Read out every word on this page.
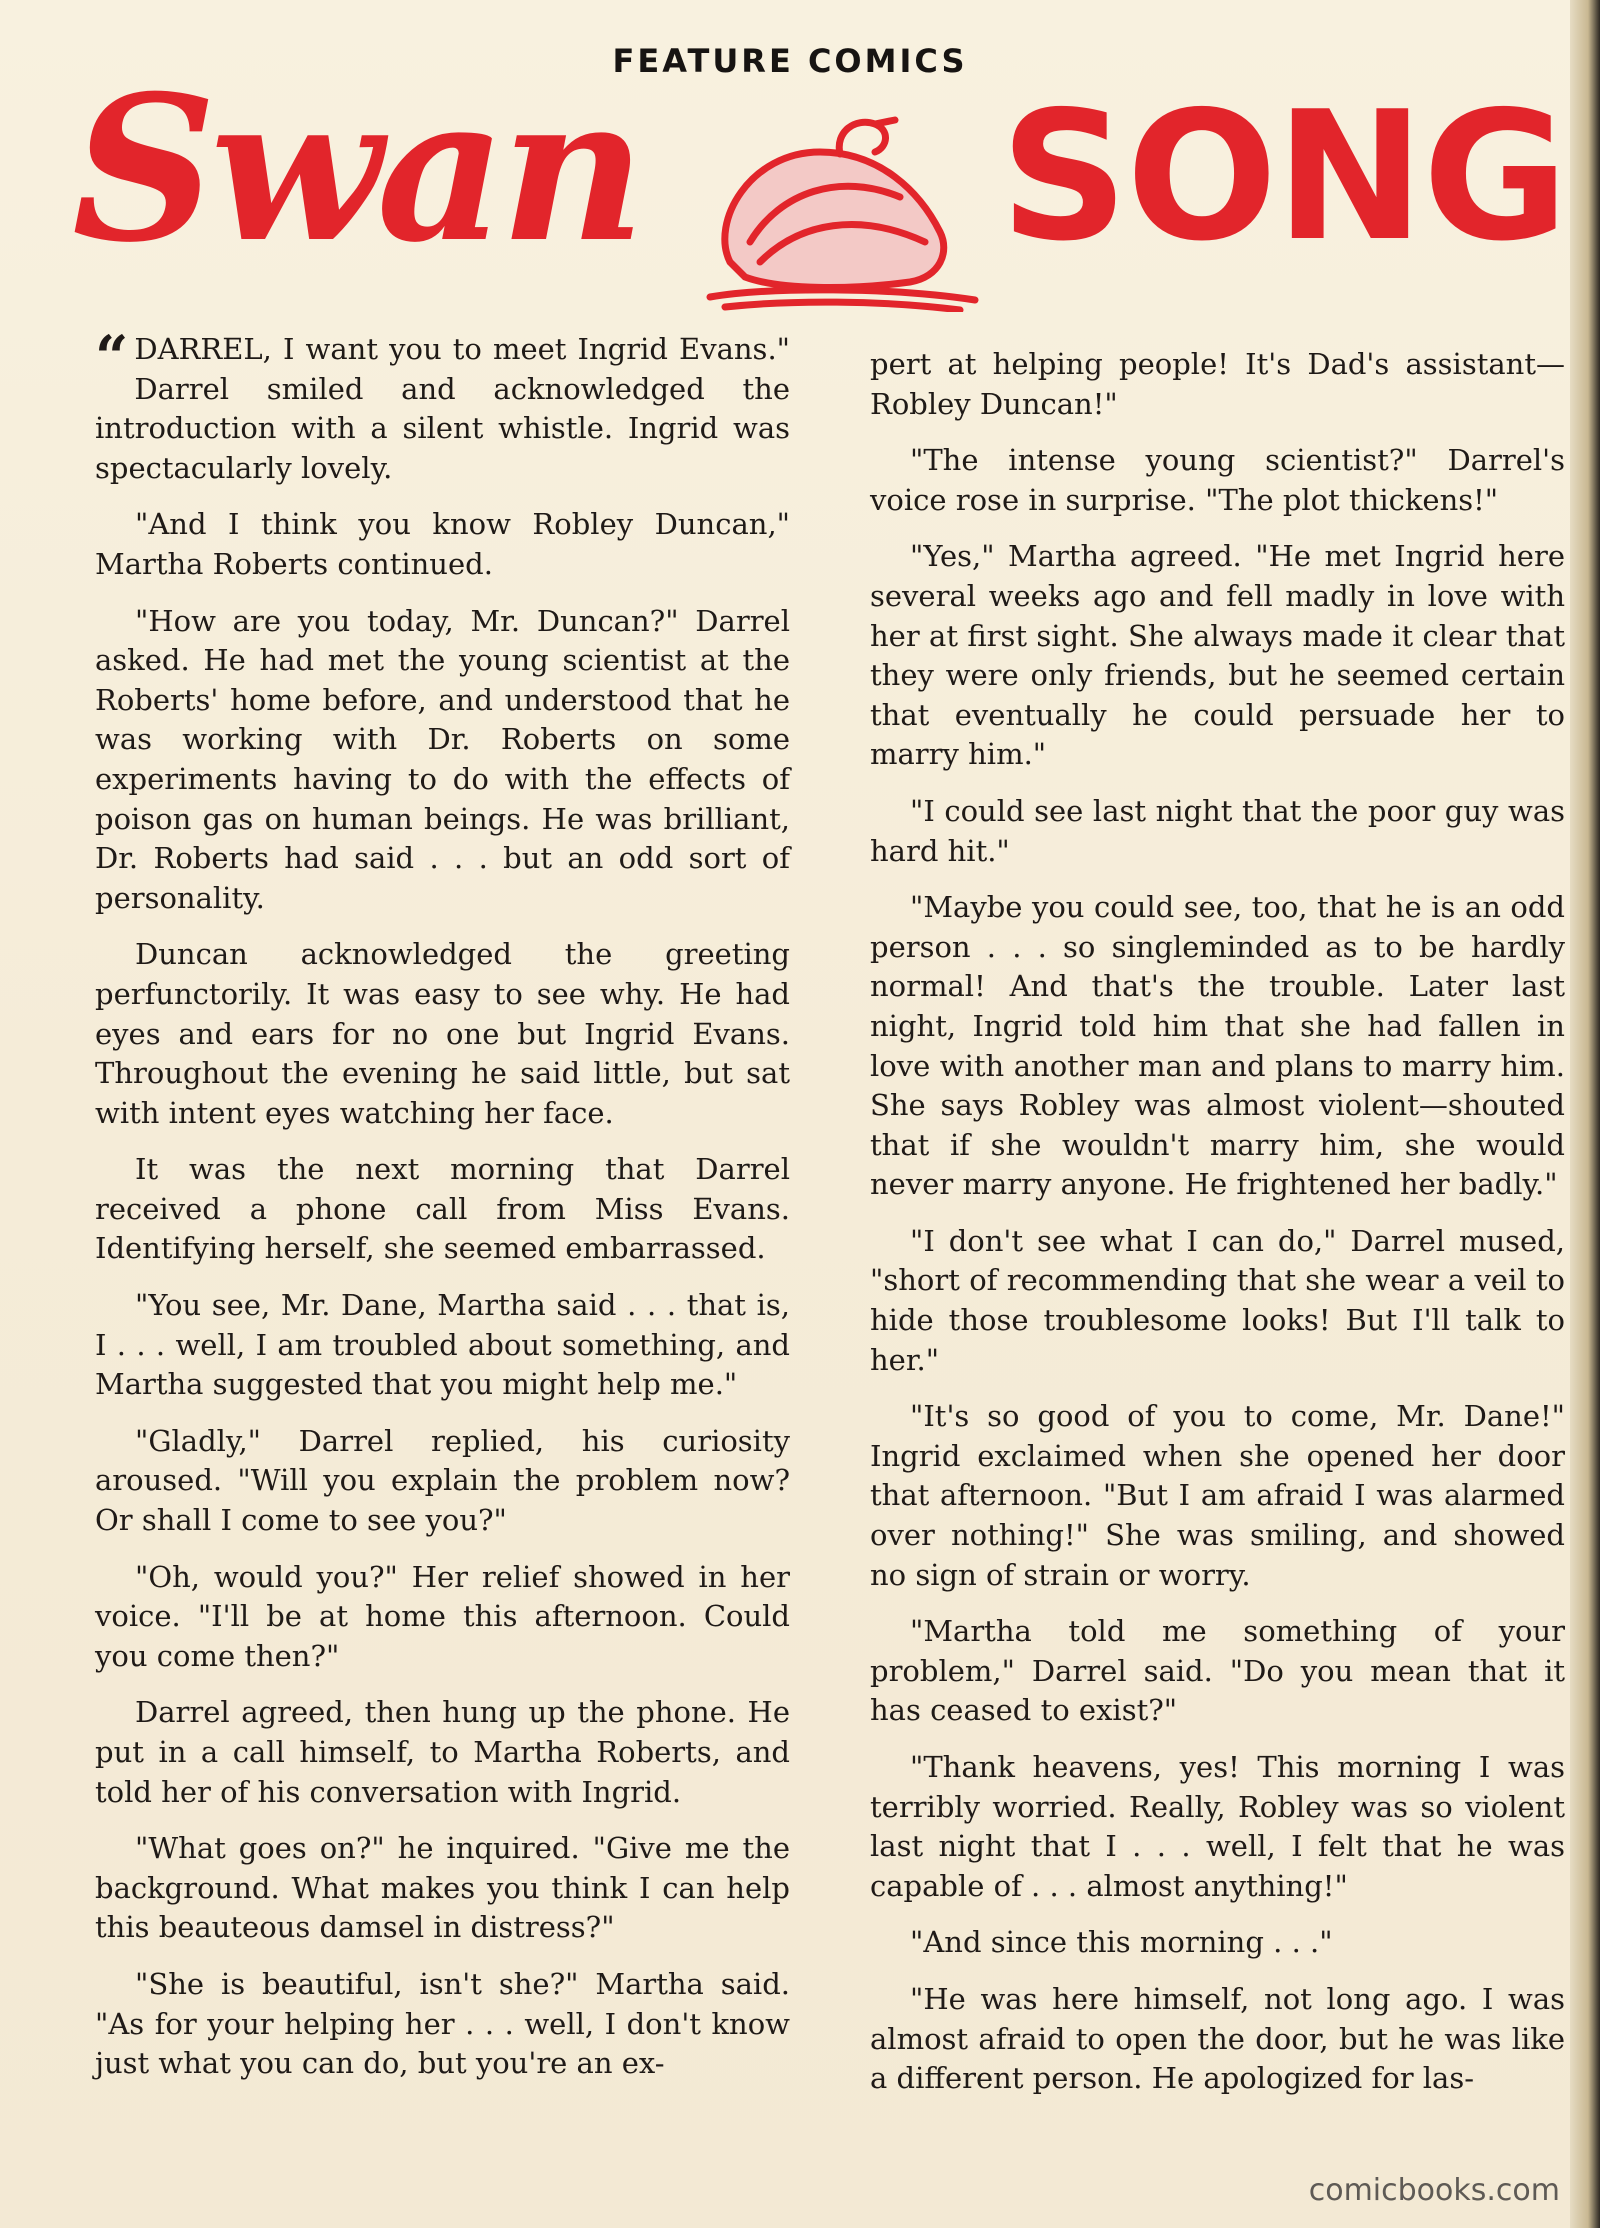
FEATURE COMICS
Swan SONG

“ DARREL, I want you to meet Ingrid Evans." Darrel smiled and acknowledged the introduction with a silent whistle. Ingrid was spectacularly lovely.

"And I think you know Robley Duncan," Martha Roberts continued.

"How are you today, Mr. Duncan?" Darrel asked. He had met the young scientist at the Roberts' home before, and understood that he was working with Dr. Roberts on some experiments having to do with the effects of poison gas on human beings. He was brilliant, Dr. Roberts had said . . . but an odd sort of personality.

Duncan acknowledged the greeting perfunctorily. It was easy to see why. He had eyes and ears for no one but Ingrid Evans. Throughout the evening he said little, but sat with intent eyes watching her face.

It was the next morning that Darrel received a phone call from Miss Evans. Identifying herself, she seemed embarrassed.

"You see, Mr. Dane, Martha said . . . that is, I . . . well, I am troubled about something, and Martha suggested that you might help me."

"Gladly," Darrel replied, his curiosity aroused. "Will you explain the problem now? Or shall I come to see you?"

"Oh, would you?" Her relief showed in her voice. "I'll be at home this afternoon. Could you come then?"

Darrel agreed, then hung up the phone. He put in a call himself, to Martha Roberts, and told her of his conversation with Ingrid.

"What goes on?" he inquired. "Give me the background. What makes you think I can help this beauteous damsel in distress?"

"She is beautiful, isn't she?" Martha said. "As for your helping her . . . well, I don't know just what you can do, but you're an ex-

pert at helping people! It's Dad's assistant—Robley Duncan!"

"The intense young scientist?" Darrel's voice rose in surprise. "The plot thickens!"

"Yes," Martha agreed. "He met Ingrid here several weeks ago and fell madly in love with her at first sight. She always made it clear that they were only friends, but he seemed certain that eventually he could persuade her to marry him."

"I could see last night that the poor guy was hard hit."

"Maybe you could see, too, that he is an odd person . . . so singleminded as to be hardly normal! And that's the trouble. Later last night, Ingrid told him that she had fallen in love with another man and plans to marry him. She says Robley was almost violent—shouted that if she wouldn't marry him, she would never marry anyone. He frightened her badly."

"I don't see what I can do," Darrel mused, "short of recommending that she wear a veil to hide those troublesome looks! But I'll talk to her."

"It's so good of you to come, Mr. Dane!" Ingrid exclaimed when she opened her door that afternoon. "But I am afraid I was alarmed over nothing!" She was smiling, and showed no sign of strain or worry.

"Martha told me something of your problem," Darrel said. "Do you mean that it has ceased to exist?"

"Thank heavens, yes! This morning I was terribly worried. Really, Robley was so violent last night that I . . . well, I felt that he was capable of . . . almost anything!"

"And since this morning . . ."

"He was here himself, not long ago. I was almost afraid to open the door, but he was like a different person. He apologized for las-

comicbooks.com
